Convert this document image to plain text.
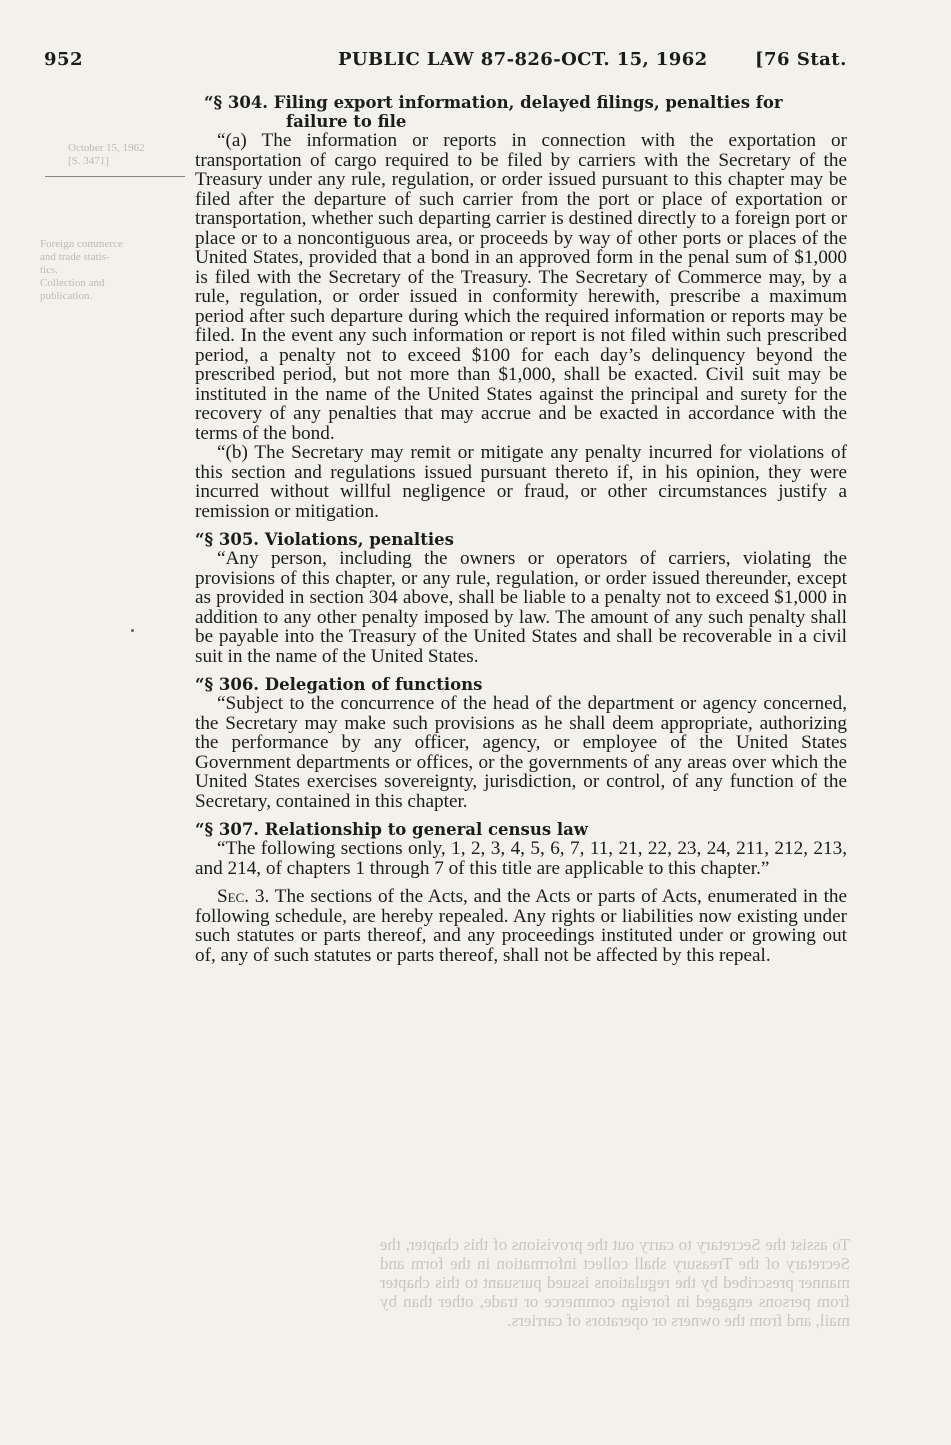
October 15, 1962
[S. 3471]
Foreign commerce
and trade statis-
tics.
Collection and
publication.
To assist the Secretary to carry out the provisions of this chapter, the Secretary of the Treasury shall collect information in the form and manner prescribed by the regulations issued pursuant to this chapter from persons engaged in foreign commerce or trade, other than by mail, and from the owners or operators of carriers.
952	PUBLIC LAW 87-826-OCT. 15, 1962	[76 Stat.
“§ 304. Filing export information, delayed filings, penalties for
failure to file

“(a) The information or reports in connection with the exportation or transportation of cargo required to be filed by carriers with the Secretary of the Treasury under any rule, regulation, or order issued pursuant to this chapter may be filed after the departure of such carrier from the port or place of exportation or transportation, whether such departing carrier is destined directly to a foreign port or place or to a noncontiguous area, or proceeds by way of other ports or places of the United States, provided that a bond in an approved form in the penal sum of $1,000 is filed with the Secretary of the Treasury. The Secretary of Commerce may, by a rule, regulation, or order issued in conformity herewith, prescribe a maximum period after such departure during which the required information or reports may be filed. In the event any such information or report is not filed within such prescribed period, a penalty not to exceed $100 for each day’s delinquency beyond the prescribed period, but not more than $1,000, shall be exacted. Civil suit may be instituted in the name of the United States against the principal and surety for the recovery of any penalties that may accrue and be exacted in accordance with the terms of the bond.

“(b) The Secretary may remit or mitigate any penalty incurred for violations of this section and regulations issued pursuant thereto if, in his opinion, they were incurred without willful negligence or fraud, or other circumstances justify a remission or mitigation.

“§ 305. Violations, penalties

“Any person, including the owners or operators of carriers, violating the provisions of this chapter, or any rule, regulation, or order issued thereunder, except as provided in section 304 above, shall be liable to a penalty not to exceed $1,000 in addition to any other penalty imposed by law. The amount of any such penalty shall be payable into the Treasury of the United States and shall be recoverable in a civil suit in the name of the United States.

“§ 306. Delegation of functions

“Subject to the concurrence of the head of the department or agency concerned, the Secretary may make such provisions as he shall deem appropriate, authorizing the performance by any officer, agency, or employee of the United States Government departments or offices, or the governments of any areas over which the United States exercises sovereignty, jurisdiction, or control, of any function of the Secretary, contained in this chapter.

“§ 307. Relationship to general census law

“The following sections only, 1, 2, 3, 4, 5, 6, 7, 11, 21, 22, 23, 24, 211, 212, 213, and 214, of chapters 1 through 7 of this title are applicable to this chapter.”

Sec. 3. The sections of the Acts, and the Acts or parts of Acts, enumerated in the following schedule, are hereby repealed. Any rights or liabilities now existing under such statutes or parts thereof, and any proceedings instituted under or growing out of, any of such statutes or parts thereof, shall not be affected by this repeal.
